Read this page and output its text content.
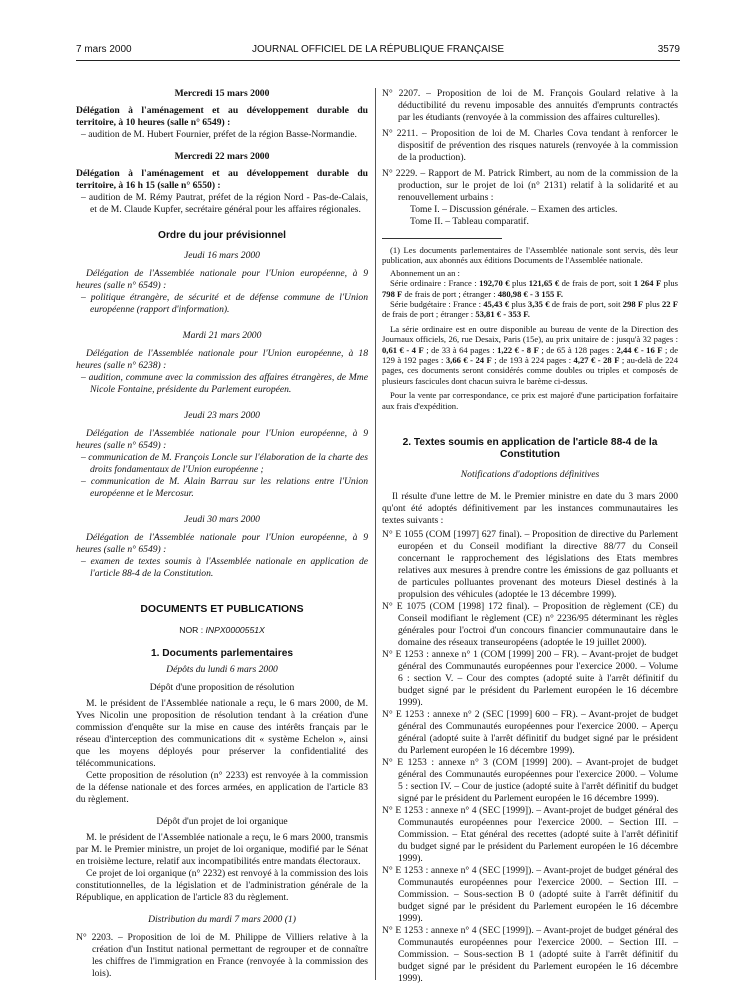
7 mars 2000	JOURNAL OFFICIEL DE LA RÉPUBLIQUE FRANÇAISE	3579

Mercredi 15 mars 2000

Délégation à l'aménagement et au développement durable du territoire, à 10 heures (salle n° 6549) :

– audition de M. Hubert Fournier, préfet de la région Basse-Normandie.

Mercredi 22 mars 2000

Délégation à l'aménagement et au développement durable du territoire, à 16 h 15 (salle n° 6550) :

– audition de M. Rémy Pautrat, préfet de la région Nord - Pas-de-Calais, et de M. Claude Kupfer, secrétaire général pour les affaires régionales.

Ordre du jour prévisionnel

Jeudi 16 mars 2000

Délégation de l'Assemblée nationale pour l'Union européenne, à 9 heures (salle n° 6549) :

– politique étrangère, de sécurité et de défense commune de l'Union européenne (rapport d'information).

Mardi 21 mars 2000

Délégation de l'Assemblée nationale pour l'Union européenne, à 18 heures (salle n° 6238) :

– audition, commune avec la commission des affaires étrangères, de Mme Nicole Fontaine, présidente du Parlement européen.

Jeudi 23 mars 2000

Délégation de l'Assemblée nationale pour l'Union européenne, à 9 heures (salle n° 6549) :

– communication de M. François Loncle sur l'élaboration de la charte des droits fondamentaux de l'Union européenne ;

– communication de M. Alain Barrau sur les relations entre l'Union européenne et le Mercosur.

Jeudi 30 mars 2000

Délégation de l'Assemblée nationale pour l'Union européenne, à 9 heures (salle n° 6549) :

– examen de textes soumis à l'Assemblée nationale en application de l'article 88-4 de la Constitution.

DOCUMENTS ET PUBLICATIONS

NOR : INPX0000551X

1. Documents parlementaires

Dépôts du lundi 6 mars 2000

Dépôt d'une proposition de résolution

M. le président de l'Assemblée nationale a reçu, le 6 mars 2000, de M. Yves Nicolin une proposition de résolution tendant à la création d'une commission d'enquête sur la mise en cause des intérêts français par le réseau d'interception des communications dit « système Echelon », ainsi que les moyens déployés pour préserver la confidentialité des télécommunications.

Cette proposition de résolution (n° 2233) est renvoyée à la commission de la défense nationale et des forces armées, en application de l'article 83 du règlement.

Dépôt d'un projet de loi organique

M. le président de l'Assemblée nationale a reçu, le 6 mars 2000, transmis par M. le Premier ministre, un projet de loi organique, modifié par le Sénat en troisième lecture, relatif aux incompatibilités entre mandats électoraux.

Ce projet de loi organique (n° 2232) est renvoyé à la commission des lois constitutionnelles, de la législation et de l'administration générale de la République, en application de l'article 83 du règlement.

Distribution du mardi 7 mars 2000 (1)

N° 2203. – Proposition de loi de M. Philippe de Villiers relative à la création d'un Institut national permettant de regrouper et de connaître les chiffres de l'immigration en France (renvoyée à la commission des lois).

N° 2207. – Proposition de loi de M. François Goulard relative à la déductibilité du revenu imposable des annuités d'emprunts contractés par les étudiants (renvoyée à la commission des affaires culturelles).

N° 2211. – Proposition de loi de M. Charles Cova tendant à renforcer le dispositif de prévention des risques naturels (renvoyée à la commission de la production).

N° 2229. – Rapport de M. Patrick Rimbert, au nom de la commission de la production, sur le projet de loi (n° 2131) relatif à la solidarité et au renouvellement urbains :

Tome I. – Discussion générale. – Examen des articles.

Tome II. – Tableau comparatif.

(1) Les documents parlementaires de l'Assemblée nationale sont servis, dès leur publication, aux abonnés aux éditions Documents de l'Assemblée nationale.

Abonnement un an :

Série ordinaire : France : 192,70 € plus 121,65 € de frais de port, soit 1 264 F plus 798 F de frais de port ; étranger : 480,98 € - 3 155 F.

Série budgétaire : France : 45,43 € plus 3,35 € de frais de port, soit 298 F plus 22 F de frais de port ; étranger : 53,81 € - 353 F.

La série ordinaire est en outre disponible au bureau de vente de la Direction des Journaux officiels, 26, rue Desaix, Paris (15e), au prix unitaire de : jusqu'à 32 pages : 0,61 € - 4 F ; de 33 à 64 pages : 1,22 € - 8 F ; de 65 à 128 pages : 2,44 € - 16 F ; de 129 à 192 pages : 3,66 € - 24 F ; de 193 à 224 pages : 4,27 € - 28 F ; au-delà de 224 pages, ces documents seront considérés comme doubles ou triples et composés de plusieurs fascicules dont chacun suivra le barème ci-dessus.

Pour la vente par correspondance, ce prix est majoré d'une participation forfaitaire aux frais d'expédition.

2. Textes soumis en application de l'article 88-4 de la Constitution

Notifications d'adoptions définitives

Il résulte d'une lettre de M. le Premier ministre en date du 3 mars 2000 qu'ont été adoptés définitivement par les instances communautaires les textes suivants :

N° E 1055 (COM [1997] 627 final). – Proposition de directive du Parlement européen et du Conseil modifiant la directive 88/77 du Conseil concernant le rapprochement des législations des Etats membres relatives aux mesures à prendre contre les émissions de gaz polluants et de particules polluantes provenant des moteurs Diesel destinés à la propulsion des véhicules (adoptée le 13 décembre 1999).

N° E 1075 (COM [1998] 172 final). – Proposition de règlement (CE) du Conseil modifiant le règlement (CE) n° 2236/95 déterminant les règles générales pour l'octroi d'un concours financier communautaire dans le domaine des réseaux transeuropéens (adoptée le 19 juillet 2000).

N° E 1253 : annexe n° 1 (COM [1999] 200 – FR). – Avant-projet de budget général des Communautés européennes pour l'exercice 2000. – Volume 6 : section V. – Cour des comptes (adopté suite à l'arrêt définitif du budget signé par le président du Parlement européen le 16 décembre 1999).

N° E 1253 : annexe n° 2 (SEC [1999] 600 – FR). – Avant-projet de budget général des Communautés européennes pour l'exercice 2000. – Aperçu général (adopté suite à l'arrêt définitif du budget signé par le président du Parlement européen le 16 décembre 1999).

N° E 1253 : annexe n° 3 (COM [1999] 200). – Avant-projet de budget général des Communautés européennes pour l'exercice 2000. – Volume 5 : section IV. – Cour de justice (adopté suite à l'arrêt définitif du budget signé par le président du Parlement européen le 16 décembre 1999).

N° E 1253 : annexe n° 4 (SEC [1999]). – Avant-projet de budget général des Communautés européennes pour l'exercice 2000. – Section III. – Commission. – Etat général des recettes (adopté suite à l'arrêt définitif du budget signé par le président du Parlement européen le 16 décembre 1999).

N° E 1253 : annexe n° 4 (SEC [1999]). – Avant-projet de budget général des Communautés européennes pour l'exercice 2000. – Section III. – Commission. – Sous-section B 0 (adopté suite à l'arrêt définitif du budget signé par le président du Parlement européen le 16 décembre 1999).

N° E 1253 : annexe n° 4 (SEC [1999]). – Avant-projet de budget général des Communautés européennes pour l'exercice 2000. – Section III. – Commission. – Sous-section B 1 (adopté suite à l'arrêt définitif du budget signé par le président du Parlement européen le 16 décembre 1999).
